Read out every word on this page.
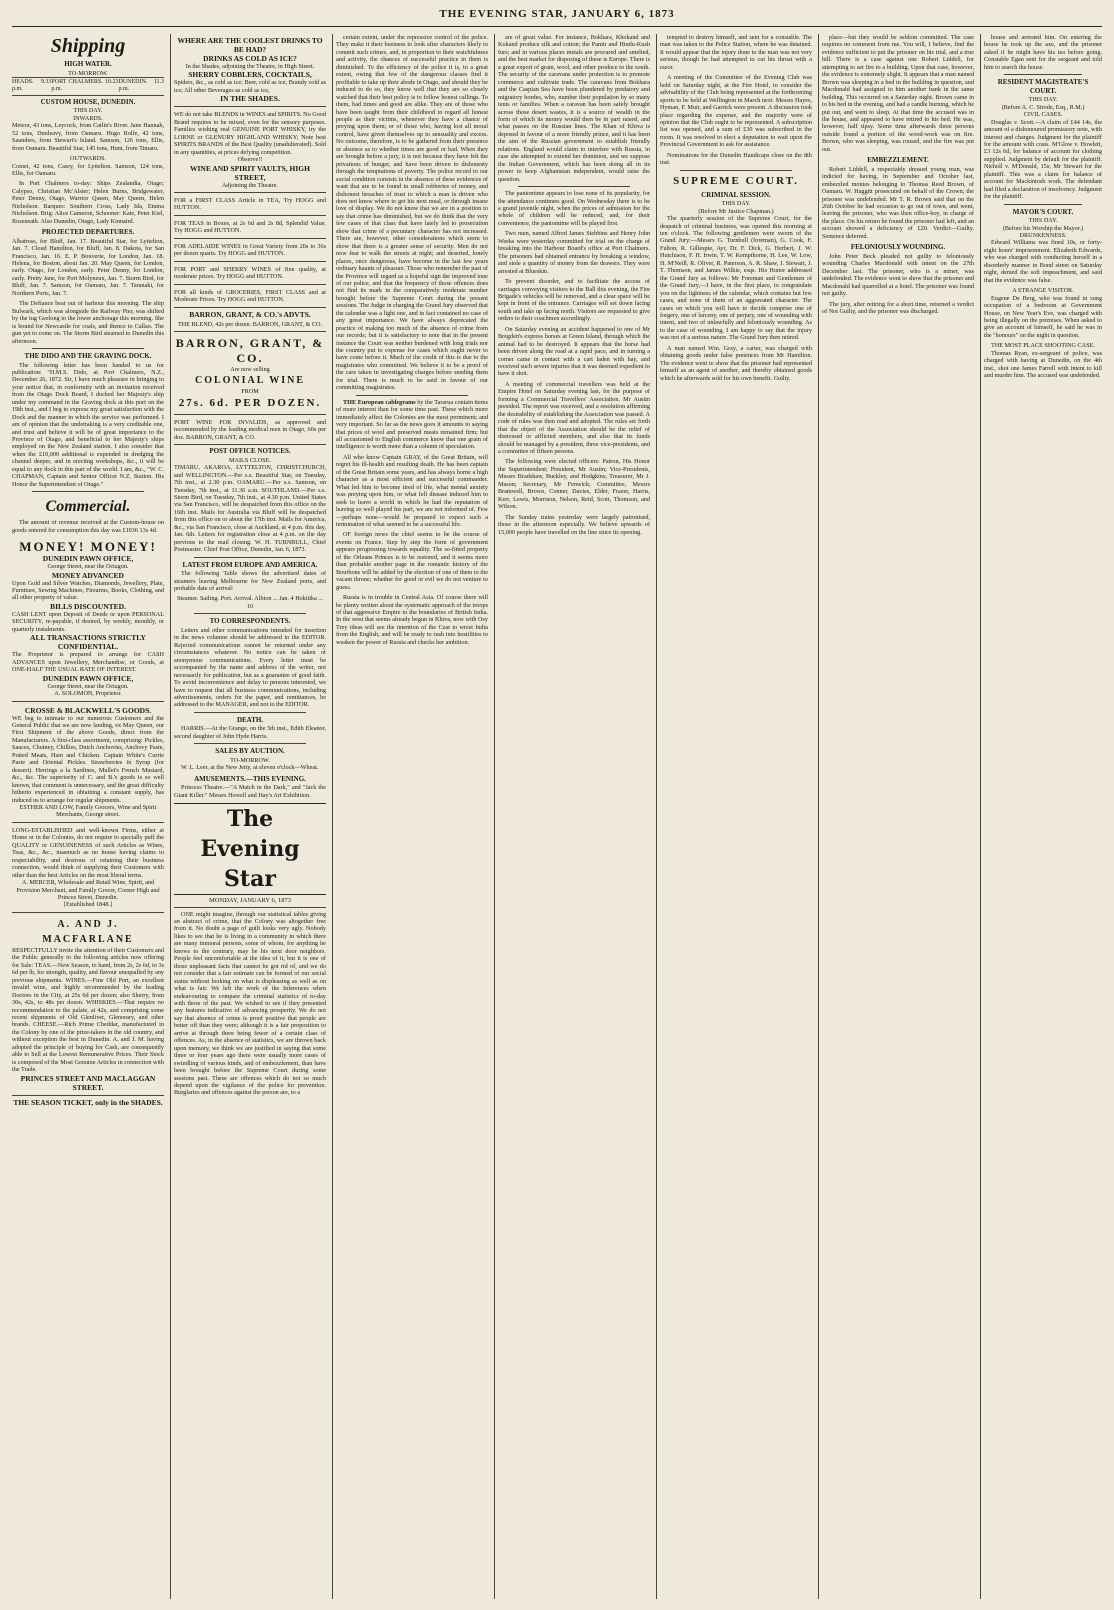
THE EVENING STAR, JANUARY 6, 1873
Shipping
HIGH WATER.
TO-MORROW.
HEADS. 9.33 p.m.
PORT CHALMERS. 10.23 p.m.
DUNEDIN. 11.3 p.m.
CUSTOM HOUSE, DUNEDIN.
THIS DAY.
INWARDS.
Meteor, 43 tons, Leycock, from Catlin's River. Jane Hannah, 52 tons, Dunleavy, from Oamaru. Hugo Rolfe, 42 tons, Saunders, from Stewart's Island. Samson, 126 tons, Ellis, from Oamaru. Beautiful Star, 145 tons, Hunt, from Timaru.
OUTWARDS.
Comet, 42 tons, Casey, for Lyttelton. Samson, 124 tons, Ellis, for Oamaru.
In Port Chalmers to-day: Ships Zealandia, Otago; Calypso, Christian Mc'Alster; Helen Burns, Bridgewater, Peter Denny, Otago, Warrior Queen, May Queen, Helen Nicholson. Barques: Southern Cross, Lady Ida, Emma Nicholson. Brig: Alice Cameron, Schooner: Kate, Peter Kiel, Roseneath. Also Dunedin, Otago, Lady Kinnaird.
PROJECTED DEPARTURES.
Albatross, for Bluff, Jan. 17. Beautiful Star, for Lyttelton, Jan. 7. Cloud Hamilton, for Bluff, Jan. 8. Dakota, for San Francisco, Jan. 16. E. P. Bouverie, for London, Jan. 18. Helena, for Boston, about Jan. 20. May Queen, for London, early. Otago, for London, early. Peter Denny, for London, early. Pretty Jane, for Port Molyneux, Jan. 7. Storm Bird, for Bluff, Jan. 7. Samson, for Oamaru, Jan. 7. Taranaki, for Northern Ports, Jan. 7.
The Defiance beat out of harbour this morning. The ship Bulwark, which was alongside the Railway Pier, was shifted by the tug Geelong to the lower anchorage this morning. She is bound for Newcastle for coals, and thence to Callao. The gun yet to come on. The Storm Bird steamed to Dunedin this afternoon.
THE DIDO AND THE GRAVING DOCK.
The following letter has been handed to us for publication: "H.M.S. Dido, at Port Chalmers, N.Z., December 26, 1872. Sir, I have much pleasure in bringing to your notice that, in conformity with an invitation received from the Otago Dock Board, I docked her Majesty's ship under my command in the Graving dock at this port on the 19th inst., and I beg to express my great satisfaction with the Dock and the manner in which the service was performed. I am of opinion that the undertaking is a very creditable one, and trust and believe it will be of great importance to the Province of Otago, and beneficial to her Majesty's ships employed on the New Zealand station. I also consider that when the £10,000 additional is expended in dredging the channel deeper, and in erecting workshops, &c., it will be equal to any dock in this part of the world. I am, &c., "W. C. CHAPMAN, Captain and Senior Officer N.Z. Station. His Honor the Superintendent of Otago."
Commercial.
The amount of revenue received at the Custom-house on goods entered for consumption this day was £1036 13s 4d.
MONEY! MONEY!
DUNEDIN PAWN OFFICE,
George Street, near the Octagon.
MONEY ADVANCED
Upon Gold and Silver Watches, Diamonds, Jewellery, Plate, Furniture, Sewing Machines, Firearms, Books, Clothing, and all other property of value.
BILLS DISCOUNTED.
CASH LENT upon Deposit of Deeds or upon PERSONAL SECURITY, re-payable, if desired, by weekly, monthly, or quarterly instalments.
ALL TRANSACTIONS STRICTLY CONFIDENTIAL.
The Proprietor is prepared to arrange for CASH ADVANCES upon Jewellery, Merchandise, or Goods, at ONE-HALF THE USUAL RATE OF INTEREST.
DUNEDIN PAWN OFFICE,
George Street, near the Octagon.
A. SOLOMON, Proprietor.
CROSSE & BLACKWELL'S GOODS.
WE beg to intimate to our numerous Customers and the General Public that we are now landing, ex May Queen, our First Shipment of the above Goods, direct from the Manufacturers. A first-class assortment, comprising: Pickles, Sauces, Chutney, Chillies, Dutch Anchovies, Anchovy Paste, Potted Meats, Ham and Chicken. Captain White's Currie Paste and Oriental Pickles. Strawberries in Syrup (for dessert). Herrings a la Sardines, Mullet's French Mustard, &c., &c. The superiority of C. and B.'s goods is so well known, that comment is unnecessary, and the great difficulty hitherto experienced in obtaining a constant supply, has induced us to arrange for regular shipments.
ESTHER AND LOW, Family Grocers, Wine and Spirit Merchants, George street.
LONG-ESTABLISHED and well-known Firms, either at Home or in the Colonies, do not require to specially puff the QUALITY or GENUINENESS of such Articles as Wines, Teas, &c., &c., inasmuch as no house having claims to respectability, and desirous of retaining their business connection, would think of supplying their Customers with other than the best Articles on the most liberal terms.
A. MERCER, Wholesale and Retail Wine, Spirit, and Provision Merchant, and Family Grocer, Corner High and Princes Street, Dunedin.
[Established 1848.]
A. AND J. MACFARLANE
RESPECTFULLY invite the attention of their Customers and the Public generally to the following articles now offering for Sale: TEAS.—New Season, to hand, from 2s, 2s 6d, to 3s 6d per lb, for strength, quality, and flavour unequalled by any previous shipments. WINES.—Fine Old Port, an excellent invalid wine, and highly recommended by the leading Doctors in the City, at 25s 6d per dozen; also Sherry, from 30s, 42s, to 48s per dozen. WHISKIES.—That require no recommendation to the palate, at 42s, and comprising some recent shipments of Old Glenlivet, Glenorary, and other brands. CHEESE.—Rich Prime Cheddar, manufactured in the Colony by one of the prize-takers in the old country, and without exception the best in Dunedin. A. and J. M. having adopted the principle of buying for Cash, are consequently able to Sell at the Lowest Remunerative Prices. Their Stock is composed of the Most Genuine Articles in connection with the Trade.
PRINCES STREET AND MACLAGGAN STREET.
THE SEASON TICKET, only in the SHADES.
WHERE ARE THE COOLEST DRINKS TO BE HAD?
DRINKS AS COLD AS ICE?
In the Shades, adjoining the Theatre, in High Street.
SHERRY COBBLERS, COCKTAILS,
Spiders, &c., as cold as ice; Beer, cold as ice; Brandy cold as ice; All other Beverages as cold as ice,
IN THE SHADES.
WE do not take BLENDS in WINES and SPIRITS. No Good Brand requires to be mixed, even for the sensory purposes. Families wishing real GENUINE PORT WHISKY, try the LORNE or GLENURY HIGHLAND WHISKY; Note best SPIRITS BRANDS of the Best Quality (unadulterated). Sold in any quantities, at prices defying competition.
Observe!!
WINE AND SPIRIT VAULTS, HIGH STREET,
Adjoining the Theatre.
FOR a FIRST CLASS Article in TEA, Try HOGG and HUTTON.
FOR TEAS in Boxes, at 2s 6d and 2s 8d, Splendid Value. Try HOGG and HUTTON.
FOR ADELAIDE WINES in Great Variety from 20s to 36s per dozen quarts. Try HOGG and HUTTON.
FOR PORT and SHERRY WINES of fine quality, at moderate prices. Try HOGG and HUTTON.
FOR all kinds of GROCERIES, FIRST CLASS and at Moderate Prices. Try HOGG and HUTTON.
BARRON, GRANT, & CO.'s ADVTS.
THE BLEND, 42s per dozen. BARRON, GRANT, & CO.
BARRON, GRANT, & CO.
Are now selling
COLONIAL WINE
FROM
27s. 6d. PER DOZEN.
PORT WINE FOR INVALIDS, as approved and recommended by the leading medical men in Otago, 60s per doz. BARRON, GRANT, & CO.
POST OFFICE NOTICES.
MAILS CLOSE.
TIMARU, AKAROA, LYTTELTON, CHRISTCHURCH, and WELLINGTON.—Per s.s. Beautiful Star, on Tuesday, 7th inst., at 2.30 p.m. OAMARU.—Per s.s. Samson, on Tuesday, 7th inst., at 11.30 a.m. SOUTHLAND.—Per s.s. Storm Bird, on Tuesday, 7th inst., at 4.30 p.m. United States via San Francisco, will be despatched from this office on the 16th inst. Mails for Australia via Bluff will be despatched from this office on or about the 17th inst. Mails for America, &c., via San Francisco, close at Auckland, at 4 p.m. this day, Jan. 6th. Letters for registration close at 4 p.m. on the day previous to the mail closing. W. H. TURNBULL, Chief Postmaster. Chief Post Office, Dunedin, Jan. 6, 1873.
LATEST FROM EUROPE AND AMERICA.
The following Table shows the advertised dates of steamers leaving Melbourne for New Zealand ports, and probable date of arrival:
Steamer. Sailing. Port. Arrival. Albion ... Jan. 4 Hokitika ... 10
TO CORRESPONDENTS.
Letters and other communications intended for insertion in the news columns should be addressed to the EDITOR. Rejected communications cannot be returned under any circumstances whatever. No notice can be taken of anonymous communications. Every letter must be accompanied by the name and address of the writer, not necessarily for publication, but as a guarantee of good faith. To avoid inconvenience and delay to persons interested, we have to request that all business communications, including advertisements, orders for the paper, and remittances, be addressed to the MANAGER, and not to the EDITOR.
DEATH.
HARRIS.—At the Grange, on the 5th inst., Edith Eleanor, second daughter of John Hyde Harris.
SALES BY AUCTION.
TO-MORROW.
W. L. Leer, at the New Jetty, at eleven o'clock—Wheat.
AMUSEMENTS.—THIS EVENING.
Princess Theatre.—"A Match in the Dark," and "Jack the Giant Killer." Messrs Howell and Hay's Art Exhibition.
The Evening Star
MONDAY, JANUARY 6, 1873
ONE might imagine, through our statistical tables giving an abstract of crime, that the Colony was altogether free from it. No doubt a page of guilt looks very ugly. Nobody likes to see that he is living in a community in which there are many immoral persons, some of whom, for anything he knows to the contrary, may be his next door neighbors. People feel uncomfortable at the idea of it, but it is one of those unpleasant facts that cannot be got rid of, and we do not consider that a fair estimate can be formed of our social status without looking on what is displeasing as well as on what is fair. We left the work of the Inferences when endeavouring to compare the criminal statistics of to-day with those of the past. We wished to see if they presented any features indicative of advancing prosperity. We do not say that absence of crime is proof positive that people are better off than they were; although it is a fair proposition to arrive at through there being fewer of a certain class of offences. As, in the absence of statistics, we are thrown back upon memory, we think we are justified in saying that some three or four years ago there were usually more cases of swindling of various kinds, and of embezzlement, than have been brought before the Supreme Court during some sessions past. These are offences which do not so much depend upon the vigilance of the police for prevention. Burglaries and offences against the person are, to a
certain extent, under the repressive control of the police. They make it their business to look after characters likely to commit such crimes, and, in proportion to their watchfulness and activity, the chances of successful practice in them is diminished. To the efficiency of the police it is, to a great extent, owing that few of the dangerous classes find it profitable to take up their abode in Otago, and should they be induced to do so, they know well that they are so closely watched that their best policy is to follow honest callings. To them, bad times and good are alike. They are of those who have been taught from their childhood to regard all honest people as their victims, whenever they have a chance of preying upon them; or of those who, having lost all moral control, have given themselves up to sensuality and excess. No outcome, therefore, is to be gathered from their presence or absence as to whether times are good or bad. When they are brought before a jury, it is not because they have felt the privations of hunger, and have been driven to dishonesty through the temptations of poverty. The police record to our social condition consists in the absence of these evidences of want that are to be found in small robberies of money, and dishonest breaches of trust to which a man is driven who does not know where to get his next meal, or through insane love of display. We do not know that we are in a position to say that crime has diminished, but we do think that the very few cases of that class that have lately led to prosecution show that crime of a pecuniary character has not increased. There are, however, other considerations which seem to show that there is a greater sense of security. Men do not now fear to walk the streets at night; and deserted, lonely places, once dangerous, have become in the last few years ordinary haunts of pleasure. Those who remember the past of the Province will regard as a hopeful sign the improved tone of our police, and that the frequency of those offences does not find its mark in the comparatively moderate number brought before the Supreme Court during the present sessions. The Judge in charging the Grand Jury observed that the calendar was a light one, and in fact contained no case of any great importance. We have always deprecated the practice of making too much of the absence of crime from our records; but it is satisfactory to note that in the present instance the Court was neither burdened with long trials nor the country put to expense for cases which ought never to have come before it. Much of the credit of this is due to the magistrates who committed. We believe it to be a proof of the care taken in investigating charges before sending them for trial. There is much to be said in favour of our committing magistrates.
THE European cablegrams by the Tararua contain items of more interest than for some time past. These which more immediately affect the Colonies are the most prominent; and very important. So far as the news goes it amounts to saying that prices of wool and preserved meats remained firm; but all accustomed to English commerce know that one grain of intelligence is worth more than a column of speculation.
All who know Captain GRAY, of the Great Britain, will regret his ill-health and resulting death. He has been captain of the Great Britain some years, and has always borne a high character as a most efficient and successful commander. What led him to become tired of life, what mental anxiety was preying upon him, or what fell disease induced him to seek to leave a world in which he had the reputation of leaving so well played his part, we are not informed of. Few—perhaps none—would be prepared to expect such a termination of what seemed to be a successful life.
OF foreign news the chief seems to be the course of events on France. Step by step the form of government appears progressing towards equality. The so-fitted property of the Orleans Princes is to be restored, and it seems more than probable another page in the romantic history of the Bourbons will be added by the election of one of them to the vacant throne; whether for good or evil we do not venture to guess.
Russia is in trouble in Central Asia. Of course there will be plenty written about the systematic approach of the troops of that aggressive Empire to the boundaries of British India. In the west that seems already begun in Khiva, now with Osy Trey ideas will see the intention of the Czar to wrest India from the English, and will be ready to rush into hostilities to weaken the power of Russia and checks her ambition.
are of great value. For instance, Bokhara, Khokand and Kokand produce silk and cotton; the Pamir and Hindu-Kush furs; and in various places metals are procured and smelted, and the best market for disposing of these is Europe. There is a great export of grain, wool, and other produce to the south. The security of the caravans under protection is to promote commerce and cultivate trade. The caravans from Bokhara and the Caspian Sea have been plundered by predatory and migratory hordes, who, number their population by so many tents or families. When a caravan has been safely brought across those desert wastes, it is a source of wealth in the form of which its money would then be in part raised, and what passes on the Russian lines. The Khan of Khiva is deposed in favour of a more friendly prince, and it has been the aim of the Russian government to establish friendly relations. England would claim to interfere with Russia, in case she attempted to extend her dominion, and we suppose the Indian Government, which has been doing all in its power to keep Afghanistan independent, would raise the question.
The pantomime appears to lose none of its popularity, for the attendance continues good. On Wednesday there is to be a grand juvenile night, when the prices of admission for the whole of children will be reduced, and, for their convenience, the pantomime will be played first.
Two men, named Alfred James Stebbins and Henry John Weeks were yesterday committed for trial on the charge of breaking into the Harbour Board's office at Port Chalmers. The prisoners had obtained entrance by breaking a window, and stole a quantity of money from the drawers. They were arrested at Blueskin.
To prevent disorder, and to facilitate the access of carriages conveying visitors to the Ball this evening, the Fire Brigade's vehicles will be removed, and a clear space will be kept in front of the entrance. Carriages will set down facing south and take up facing north. Visitors are requested to give orders to their coachmen accordingly.
On Saturday evening an accident happened to one of Mr Bregden's express horses at Green Island, through which the animal had to be destroyed. It appears that the horse had been driven along the road at a rapid pace, and in turning a corner came in contact with a cart laden with hay, and received such severe injuries that it was deemed expedient to have it shot.
A meeting of commercial travellers was held at the Empire Hotel on Saturday evening last, for the purpose of forming a Commercial Travellers' Association. Mr Austin presided. The report was received, and a resolution affirming the desirability of establishing the Association was passed. A code of rules was then read and adopted. The rules set forth that the object of the Association should be the relief of distressed or afflicted members, and also that its funds should be managed by a president, three vice-presidents, and a committee of fifteen persons.
The following were elected officers: Patron, His Honor the Superintendent; President, Mr Austin; Vice-Presidents, Messrs Bradshaw, Buckley, and Hodgkins; Treasurer, Mr J. Mason; Secretary, Mr Fenwick; Committee, Messrs Bramwell, Brown, Conner, Davies, Elder, Frazer, Harris, Kerr, Lewis, Morrison, Nelson, Reid, Scott, Thomson, and Wilson.
The Sunday trains yesterday were largely patronised, those in the afternoon especially. We believe upwards of 15,000 people have travelled on the line since its opening.
tempted to destroy himself, and sent for a constable. The man was taken to the Police Station, where he was detained. It would appear that the injury done to the man was not very serious, though he had attempted to cut his throat with a razor.
A meeting of the Committee of the Evening Club was held on Saturday night, at the Fire Hotel, to consider the advisability of the Club being represented at the forthcoming sports to be held at Wellington in March next. Messrs Hayes, Hyman, F. Muir, and Garrick were present. A discussion took place regarding the expense, and the majority were of opinion that the Club ought to be represented. A subscription list was opened, and a sum of £30 was subscribed in the room. It was resolved to elect a deputation to wait upon the Provincial Government to ask for assistance.
Nominations for the Dunedin Handicaps close on the 8th inst.
SUPREME COURT.
CRIMINAL SESSION.
THIS DAY.
(Before Mr Justice Chapman.)
The quarterly session of the Supreme Court, for the despatch of criminal business, was opened this morning at ten o'clock. The following gentlemen were sworn of the Grand Jury:—Messrs G. Turnbull (foreman), G. Cook, F. Fulton, R. Gillespie, Ayr, Dr. F. Dick, G. Herbert, J. W. Hutchison, F. H. Irwin, T. W. Kempthorne, H. Lee, W. Low, H. M'Neill, R. Oliver, R. Paterson, A. R. Shaw, J. Stewart, J. T. Thomson, and James Wilkie, esqs. His Honor addressed the Grand Jury as follows: Mr Foreman and Gentlemen of the Grand Jury,—I have, in the first place, to congratulate you on the lightness of the calendar, which contains but few cases, and none of them of an aggravated character. The cases on which you will have to decide comprise one of forgery, one of larceny, one of perjury, one of wounding with intent, and two of unlawfully and feloniously wounding. As to the case of wounding, I am happy to say that the injury was not of a serious nature. The Grand Jury then retired.
A man named Wm. Gray, a carter, was charged with obtaining goods under false pretences from Mr Hamilton. The evidence went to show that the prisoner had represented himself as an agent of another, and thereby obtained goods which he afterwards sold for his own benefit. Guilty.
place—but they would be seldom committed. The case requires no comment from me. You will, I believe, find the evidence sufficient to put the prisoner on his trial, and a true bill. There is a case against one Robert Liddell, for attempting to set fire to a building. Upon that case, however, the evidence is extremely slight. It appears that a man named Brown was sleeping in a bed in the building in question, and Macdonald had assigned to him another bank in the same building. This occurred on a Saturday night. Brown came in to his bed in the evening, and had a candle burning, which he put out, and went to sleep. At that time the accused was in the house, and appeared to have retired to his bed. He was, however, half tipsy. Some time afterwards three persons outside found a portion of the wood-work was on fire. Brown, who was sleeping, was roused, and the fire was put out.
EMBEZZLEMENT.
Robert Liddell, a respectably dressed young man, was indicted for having, in September and October last, embezzled monies belonging to Thomas Reed Brown, of Oamaru. W. Haggitt prosecuted on behalf of the Crown; the prisoner was undefended. Mr T. R. Brown said that on the 26th October he had occasion to go out of town, and went, leaving the prisoner, who was then office-boy, in charge of the place. On his return he found the prisoner had left, and an account showed a deficiency of £20. Verdict—Guilty. Sentence deferred.
FELONIOUSLY WOUNDING.
John Peter Beck pleaded not guilty to feloniously wounding Charles Macdonald with intent on the 27th December last. The prisoner, who is a miner, was undefended. The evidence went to show that the prisoner and Macdonald had quarrelled at a hotel. The prisoner was found not guilty.
The jury, after retiring for a short time, returned a verdict of Not Guilty, and the prisoner was discharged.
house and arrested him. On entering the house he took up the axe, and the prisoner asked if he might have his tea before going. Constable Egan sent for the sergeant and told him to search the house.
RESIDENT MAGISTRATE'S COURT.
THIS DAY.
(Before A. C. Strode, Esq., R.M.)
CIVIL CASES.
Douglas v. Scott.—A claim of £44 14s, the amount of a dishonoured promissory note, with interest and charges. Judgment for the plaintiff for the amount with costs. M'Glow v. Howlett, £3 12s 6d, for balance of account for clothing supplied. Judgment by default for the plaintiff. Nicholl v. M'Donald, 15s; Mr Stewart for the plaintiff. This was a claim for balance of account for Mackintosh work. The defendant had filed a declaration of insolvency. Judgment for the plaintiff.
MAYOR'S COURT.
THIS DAY.
(Before his Worship the Mayor.)
DRUNKENNESS.
Edward Williams was fined 10s, or forty-eight hours' imprisonment. Elizabeth Edwards, who was charged with conducting herself in a disorderly manner in Bond street on Saturday night, denied the soft impeachment, and said that the evidence was false.
A STRANGE VISITOR.
Eugene De Berg, who was found in sung occupation of a bedroom at Government House, on New Year's Eve, was charged with being illegally on the premises. When asked to give an account of himself, he said he was in the "honours" on the night in question.
THE MOST PLACE SHOOTING CASE.
Thomas Ryan, ex-sergeant of police, was charged with having at Dunedin, on the 4th inst., shot one James Farrell with intent to kill and murder him. The accused was undefended.
